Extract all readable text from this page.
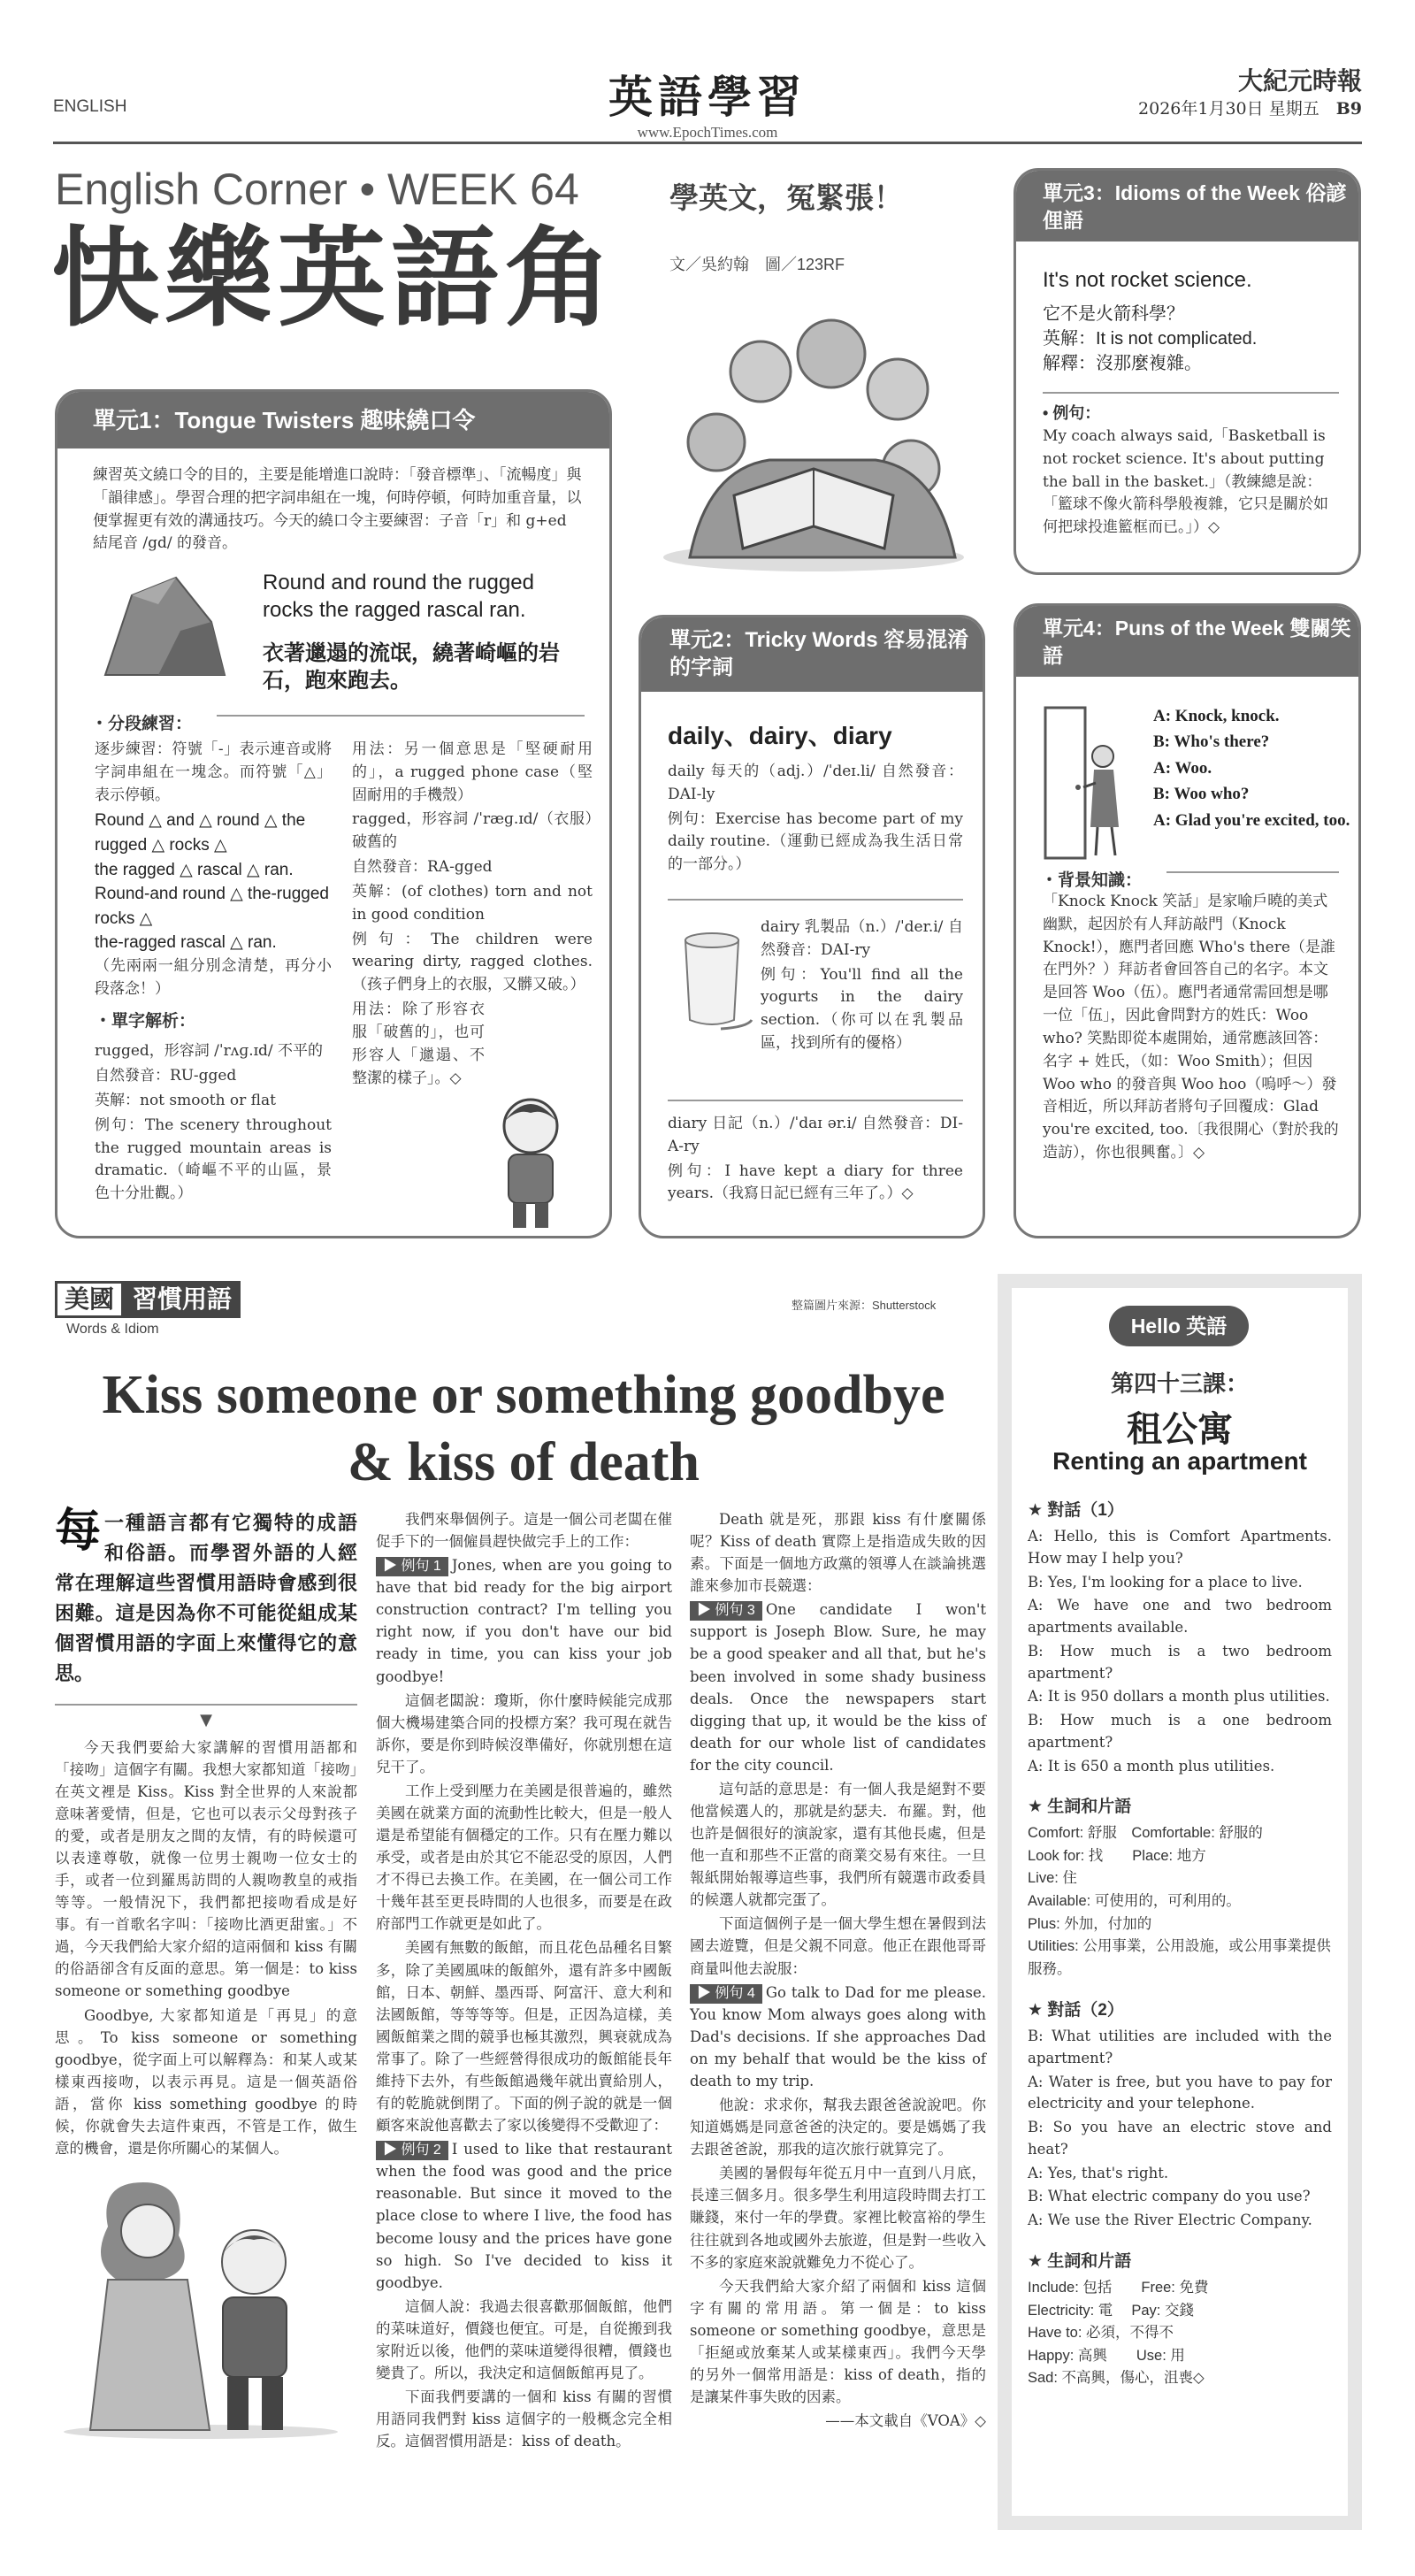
ENGLISH	英語學習
www.EpochTimes.com
大紀元時報
2026年1月30日 星期五　 B9
English Corner • WEEK 64
快樂英語角
學英文，冤緊張！
文／吳約翰　圖／123RF
單元1：Tongue Twisters 趣味繞口令
練習英文繞口令的目的，主要是能增進口說時：「發音標準」、「流暢度」與「韻律感」。學習合理的把字詞串組在一塊，何時停頓，何時加重音量，以便掌握更有效的溝通技巧。今天的繞口令主要練習：子音「r」和 g+ed 結尾音 /gd/ 的發音。
Round and round the rugged rocks the ragged rascal ran.
衣著邋遢的流氓，繞著崎嶇的岩石，跑來跑去。
・分段練習：

逐步練習：符號「-」表示連音或將字詞串組在一塊念。而符號「△」表示停頓。

Round △ and △ round △ the rugged △ rocks △
the ragged △ rascal △ ran.
Round-and round △ the-rugged rocks △
the-ragged rascal △ ran.

（先兩兩一組分別念清楚，再分小段落念！）

・單字解析：

rugged，形容詞 /ˈrʌɡ.ɪd/ 不平的

自然發音：RU-gged

英解：not smooth or flat

例句：The scenery throughout the rugged mountain areas is dramatic.（崎嶇不平的山區，景色十分壯觀。）

用法：另一個意思是「堅硬耐用的」，a rugged phone case（堅固耐用的手機殼）

ragged，形容詞 /ˈræɡ.ɪd/（衣服）破舊的

自然發音：RA-gged

英解：(of clothes) torn and not in good condition

例句：The children were wearing dirty, ragged clothes.（孩子們身上的衣服，又髒又破。）

用法：除了形容衣服「破舊的」，也可形容人「邋遢、不整潔的樣子」。◇

單元2：Tricky Words 容易混淆的字詞
daily、dairy、diary

daily 每天的（adj.）/ˈdeɪ.li/ 自然發音：DAI-ly

例句：Exercise has become part of my daily routine.（運動已經成為我生活日常的一部分。）

dairy 乳製品（n.）/ˈder.i/ 自然發音：DAI-ry

例句：You'll find all the yogurts in the dairy section.（你可以在乳製品區，找到所有的優格）

diary 日記（n.）/ˈdaɪ ər.i/ 自然發音：DI-A-ry

例句：I have kept a diary for three years.（我寫日記已經有三年了。）◇

單元3：Idioms of the Week 俗諺俚語
It's not rocket science.
它不是火箭科學？
英解：It is not complicated.
解釋：沒那麼複雜。
• 例句：
My coach always said,「Basketball is not rocket science. It's about putting the ball in the basket.」（教練總是說：「籃球不像火箭科學般複雜，它只是關於如何把球投進籃框而已。」）◇
單元4：Puns of the Week 雙關笑語
A: Knock, knock.
B: Who's there?
A: Woo.
B: Woo who?
A: Glad you're excited, too.
・背景知識：
「Knock Knock 笑話」是家喻戶曉的美式幽默，起因於有人拜訪敲門（Knock Knock!），應門者回應 Who's there（是誰在門外？）拜訪者會回答自己的名字。本文是回答 Woo（伍）。應門者通常需回想是哪一位「伍」，因此會問對方的姓氏：Woo who? 笑點即從本處開始，通常應該回答：名字 + 姓氏，（如：Woo Smith）；但因 Woo who 的發音與 Woo hoo（嗚呼～）發音相近，所以拜訪者將句子回覆成：Glad you're excited, too.〔我很開心（對於我的造訪），你也很興奮。〕◇
美國 習慣用語
Words & Idiom
整篇圖片來源：Shutterstock
Kiss someone or something goodbye
& kiss of death
每一種語言都有它獨特的成語和俗語。而學習外語的人經常在理解這些習慣用語時會感到很困難。這是因為你不可能從組成某個習慣用語的字面上來懂得它的意思。
▼

今天我們要給大家講解的習慣用語都和「接吻」這個字有關。我想大家都知道「接吻」在英文裡是 Kiss。Kiss 對全世界的人來說都意味著愛情，但是，它也可以表示父母對孩子的愛，或者是朋友之間的友情，有的時候還可以表達尊敬，就像一位男士親吻一位女士的手，或者一位到羅馬訪問的人親吻教皇的戒指等等。一般情況下，我們都把接吻看成是好事。有一首歌名字叫：「接吻比酒更甜蜜。」不過，今天我們給大家介紹的這兩個和 kiss 有關的俗語卻含有反面的意思。第一個是：to kiss someone or something goodbye

Goodbye, 大家都知道是「再見」的意思。To kiss someone or something goodbye，從字面上可以解釋為：和某人或某樣東西接吻，以表示再見。這是一個英語俗語，當你 kiss something goodbye 的時候，你就會失去這件東西，不管是工作，做生意的機會，還是你所關心的某個人。

我們來舉個例子。這是一個公司老闆在催促手下的一個僱員趕快做完手上的工作：

▶ 例句 1 Jones, when are you going to have that bid ready for the big airport construction contract? I'm telling you right now, if you don't have our bid ready in time, you can kiss your job goodbye!

這個老闆說：瓊斯，你什麼時候能完成那個大機場建築合同的投標方案？我可現在就告訴你，要是你到時候沒準備好，你就別想在這兒干了。

工作上受到壓力在美國是很普遍的，雖然美國在就業方面的流動性比較大，但是一般人還是希望能有個穩定的工作。只有在壓力難以承受，或者是由於其它不能忍受的原因，人們才不得已去換工作。在美國，在一個公司工作十幾年甚至更長時間的人也很多，而要是在政府部門工作就更是如此了。

美國有無數的飯館，而且花色品種名目繁多，除了美國風味的飯館外，還有許多中國飯館，日本、朝鮮、墨西哥、阿富汗、意大利和法國飯館，等等等等。但是，正因為這樣，美國飯館業之間的競爭也極其激烈，興衰就成為常事了。除了一些經營得很成功的飯館能長年維持下去外，有些飯館過幾年就出賣給別人，有的乾脆就倒閉了。下面的例子說的就是一個顧客來說他喜歡去了家以後變得不受歡迎了：

▶ 例句 2 I used to like that restaurant when the food was good and the price reasonable. But since it moved to the place close to where I live, the food has become lousy and the prices have gone so high. So I've decided to kiss it goodbye.

這個人說：我過去很喜歡那個飯館，他們的菜味道好，價錢也便宜。可是，自從搬到我家附近以後，他們的菜味道變得很糟，價錢也變貴了。所以，我決定和這個飯館再見了。

下面我們要講的一個和 kiss 有關的習慣用語同我們對 kiss 這個字的一般概念完全相反。這個習慣用語是：kiss of death。

Death 就是死，那跟 kiss 有什麼關係呢？Kiss of death 實際上是指造成失敗的因素。下面是一個地方政黨的領導人在談論挑選誰來參加市長競選：

▶ 例句 3 One candidate I won't support is Joseph Blow. Sure, he may be a good speaker and all that, but he's been involved in some shady business deals. Once the newspapers start digging that up, it would be the kiss of death for our whole list of candidates for the city council.

這句話的意思是：有一個人我是絕對不要他當候選人的，那就是約瑟夫．布羅。對，他也許是個很好的演說家，還有其他長處，但是他一直和那些不正當的商業交易有來往。一旦報紙開始報導這些事，我們所有競選市政委員的候選人就都完蛋了。

下面這個例子是一個大學生想在暑假到法國去遊覽，但是父親不同意。他正在跟他哥哥商量叫他去說服：

▶ 例句 4 Go talk to Dad for me please. You know Mom always goes along with Dad's decisions. If she approaches Dad on my behalf that would be the kiss of death to my trip.

他說：求求你，幫我去跟爸爸說說吧。你知道媽媽是同意爸爸的決定的。要是媽媽了我去跟爸爸說，那我的這次旅行就算完了。

美國的暑假每年從五月中一直到八月底，長達三個多月。很多學生利用這段時間去打工賺錢，來付一年的學費。家裡比較富裕的學生往往就到各地或國外去旅遊，但是對一些收入不多的家庭來說就難免力不從心了。

今天我們給大家介紹了兩個和 kiss 這個字有關的常用語。第一個是：to kiss someone or something goodbye，意思是「拒絕或放棄某人或某樣東西」。我們今天學的另外一個常用語是：kiss of death，指的是讓某件事失敗的因素。

——本文載自《VOA》◇

Hello 英語
第四十三課：
租公寓
Renting an apartment
★ 對話（1）

A: Hello, this is Comfort Apartments. How may I help you?

B: Yes, I'm looking for a place to live.

A: We have one and two bedroom apartments available.

B: How much is a two bedroom apartment?

A: It is 950 dollars a month plus utilities.

B: How much is a one bedroom apartment?

A: It is 650 a month plus utilities.

★ 生詞和片語
Comfort: 舒服　Comfortable: 舒服的
Look for: 找　　Place: 地方
Live: 住
Available: 可使用的，可利用的。
Plus: 外加，付加的
Utilities: 公用事業，公用設施，或公用事業提供服務。
★ 對話（2）

B: What utilities are included with the apartment?

A: Water is free, but you have to pay for electricity and your telephone.

B: So you have an electric stove and heat?

A: Yes, that's right.

B: What electric company do you use?

A: We use the River Electric Company.

★ 生詞和片語
Include: 包括　　Free: 免費
Electricity: 電　 Pay: 交錢
Have to: 必須，不得不
Happy: 高興　　Use: 用
Sad: 不高興，傷心，沮喪◇
